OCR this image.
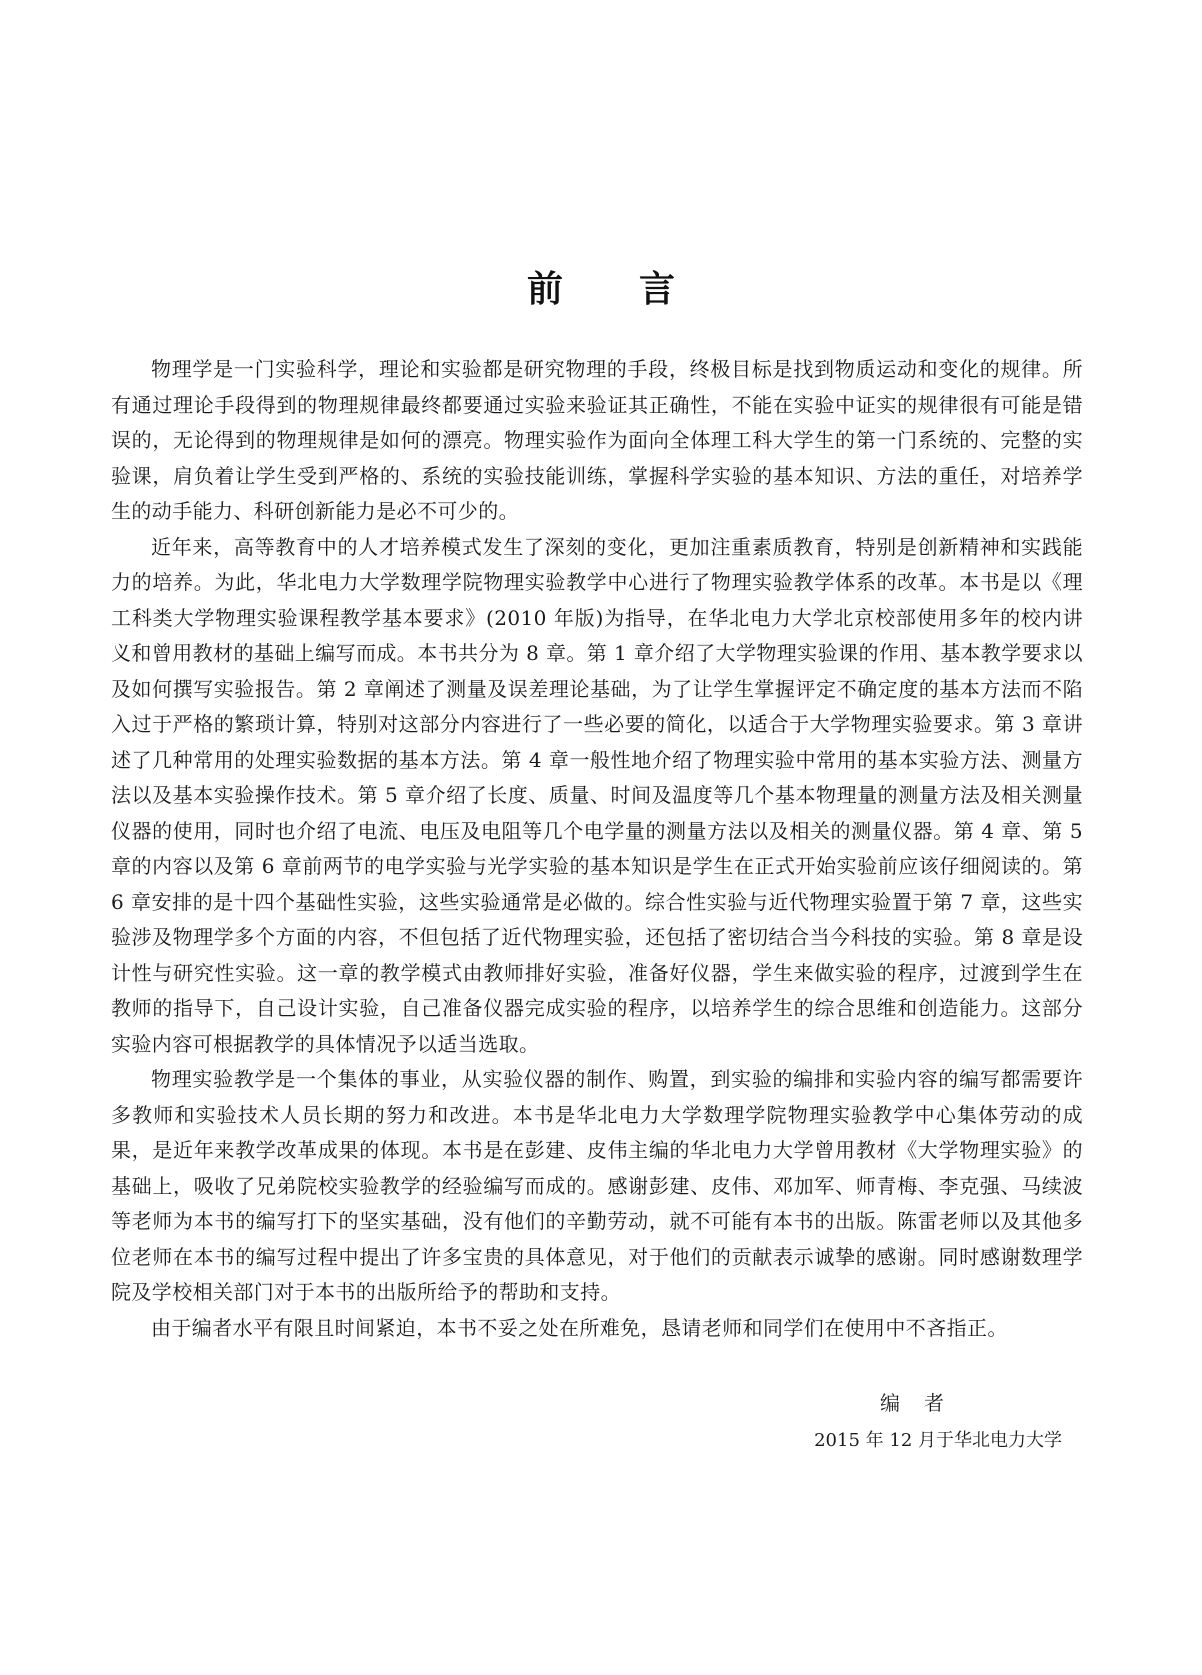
前言

物理学是一门实验科学，理论和实验都是研究物理的手段，终极目标是找到物质运动和变化的规律。所有通过理论手段得到的物理规律最终都要通过实验来验证其正确性，不能在实验中证实的规律很有可能是错误的，无论得到的物理规律是如何的漂亮。物理实验作为面向全体理工科大学生的第一门系统的、完整的实验课，肩负着让学生受到严格的、系统的实验技能训练，掌握科学实验的基本知识、方法的重任，对培养学生的动手能力、科研创新能力是必不可少的。

近年来，高等教育中的人才培养模式发生了深刻的变化，更加注重素质教育，特别是创新精神和实践能力的培养。为此，华北电力大学数理学院物理实验教学中心进行了物理实验教学体系的改革。本书是以《理工科类大学物理实验课程教学基本要求》(2010 年版)为指导，在华北电力大学北京校部使用多年的校内讲义和曾用教材的基础上编写而成。本书共分为 8 章。第 1 章介绍了大学物理实验课的作用、基本教学要求以及如何撰写实验报告。第 2 章阐述了测量及误差理论基础，为了让学生掌握评定不确定度的基本方法而不陷入过于严格的繁琐计算，特别对这部分内容进行了一些必要的简化，以适合于大学物理实验要求。第 3 章讲述了几种常用的处理实验数据的基本方法。第 4 章一般性地介绍了物理实验中常用的基本实验方法、测量方法以及基本实验操作技术。第 5 章介绍了长度、质量、时间及温度等几个基本物理量的测量方法及相关测量仪器的使用，同时也介绍了电流、电压及电阻等几个电学量的测量方法以及相关的测量仪器。第 4 章、第 5 章的内容以及第 6 章前两节的电学实验与光学实验的基本知识是学生在正式开始实验前应该仔细阅读的。第 6 章安排的是十四个基础性实验，这些实验通常是必做的。综合性实验与近代物理实验置于第 7 章，这些实验涉及物理学多个方面的内容，不但包括了近代物理实验，还包括了密切结合当今科技的实验。第 8 章是设计性与研究性实验。这一章的教学模式由教师排好实验，准备好仪器，学生来做实验的程序，过渡到学生在教师的指导下，自己设计实验，自己准备仪器完成实验的程序，以培养学生的综合思维和创造能力。这部分实验内容可根据教学的具体情况予以适当选取。

物理实验教学是一个集体的事业，从实验仪器的制作、购置，到实验的编排和实验内容的编写都需要许多教师和实验技术人员长期的努力和改进。本书是华北电力大学数理学院物理实验教学中心集体劳动的成果，是近年来教学改革成果的体现。本书是在彭建、皮伟主编的华北电力大学曾用教材《大学物理实验》的基础上，吸收了兄弟院校实验教学的经验编写而成的。感谢彭建、皮伟、邓加军、师青梅、李克强、马续波等老师为本书的编写打下的坚实基础，没有他们的辛勤劳动，就不可能有本书的出版。陈雷老师以及其他多位老师在本书的编写过程中提出了许多宝贵的具体意见，对于他们的贡献表示诚挚的感谢。同时感谢数理学院及学校相关部门对于本书的出版所给予的帮助和支持。

由于编者水平有限且时间紧迫，本书不妥之处在所难免，恳请老师和同学们在使用中不吝指正。

编　者
2015 年 12 月于华北电力大学
